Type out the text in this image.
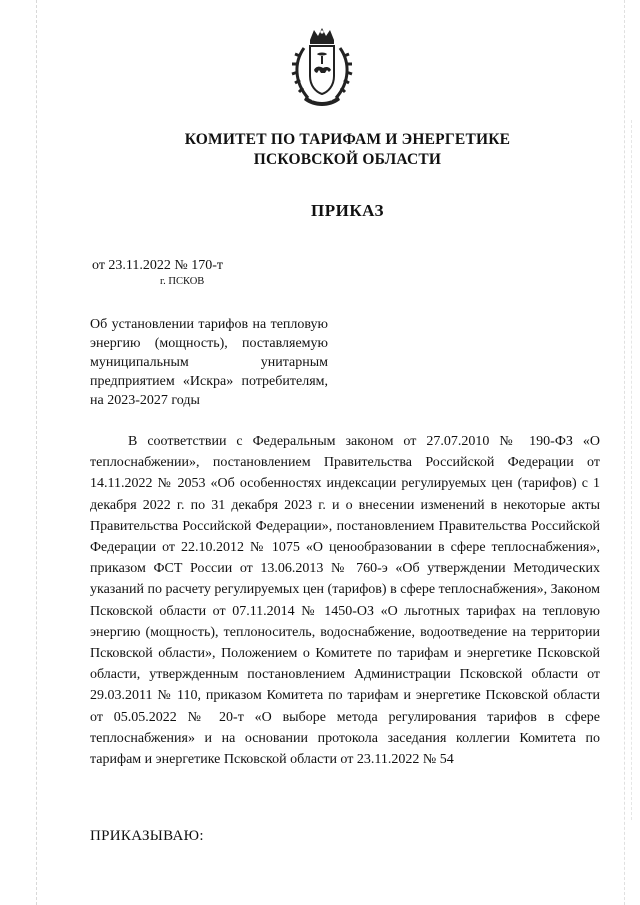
КОМИТЕТ ПО ТАРИФАМ И ЭНЕРГЕТИКЕ
ПСКОВСКОЙ ОБЛАСТИ
ПРИКАЗ
от 23.11.2022 № 170-т
г. ПСКОВ
Об установлении тарифов на тепловую энергию (мощность), поставляемую муниципальным унитарным предприятием «Искра» потребителям, на 2023-2027 годы

В соответствии с Федеральным законом от 27.07.2010 № 190-ФЗ «О теплоснабжении», постановлением Правительства Российской Федерации от 14.11.2022 № 2053 «Об особенностях индексации регулируемых цен (тарифов) с 1 декабря 2022 г. по 31 декабря 2023 г. и о внесении изменений в некоторые акты Правительства Российской Федерации», постановлением Правительства Российской Федерации от 22.10.2012 № 1075 «О ценообразовании в сфере теплоснабжения», приказом ФСТ России от 13.06.2013 № 760-э «Об утверждении Методических указаний по расчету регулируемых цен (тарифов) в сфере теплоснабжения», Законом Псковской области от 07.11.2014 № 1450-ОЗ «О льготных тарифах на тепловую энергию (мощность), теплоноситель, водоснабжение, водоотведение на территории Псковской области», Положением о Комитете по тарифам и энергетике Псковской области, утвержденным постановлением Администрации Псковской области от 29.03.2011 № 110, приказом Комитета по тарифам и энергетике Псковской области от 05.05.2022 № 20-т «О выборе метода регулирования тарифов в сфере теплоснабжения» и на основании протокола заседания коллегии Комитета по тарифам и энергетике Псковской области от 23.11.2022 № 54

ПРИКАЗЫВАЮ:
